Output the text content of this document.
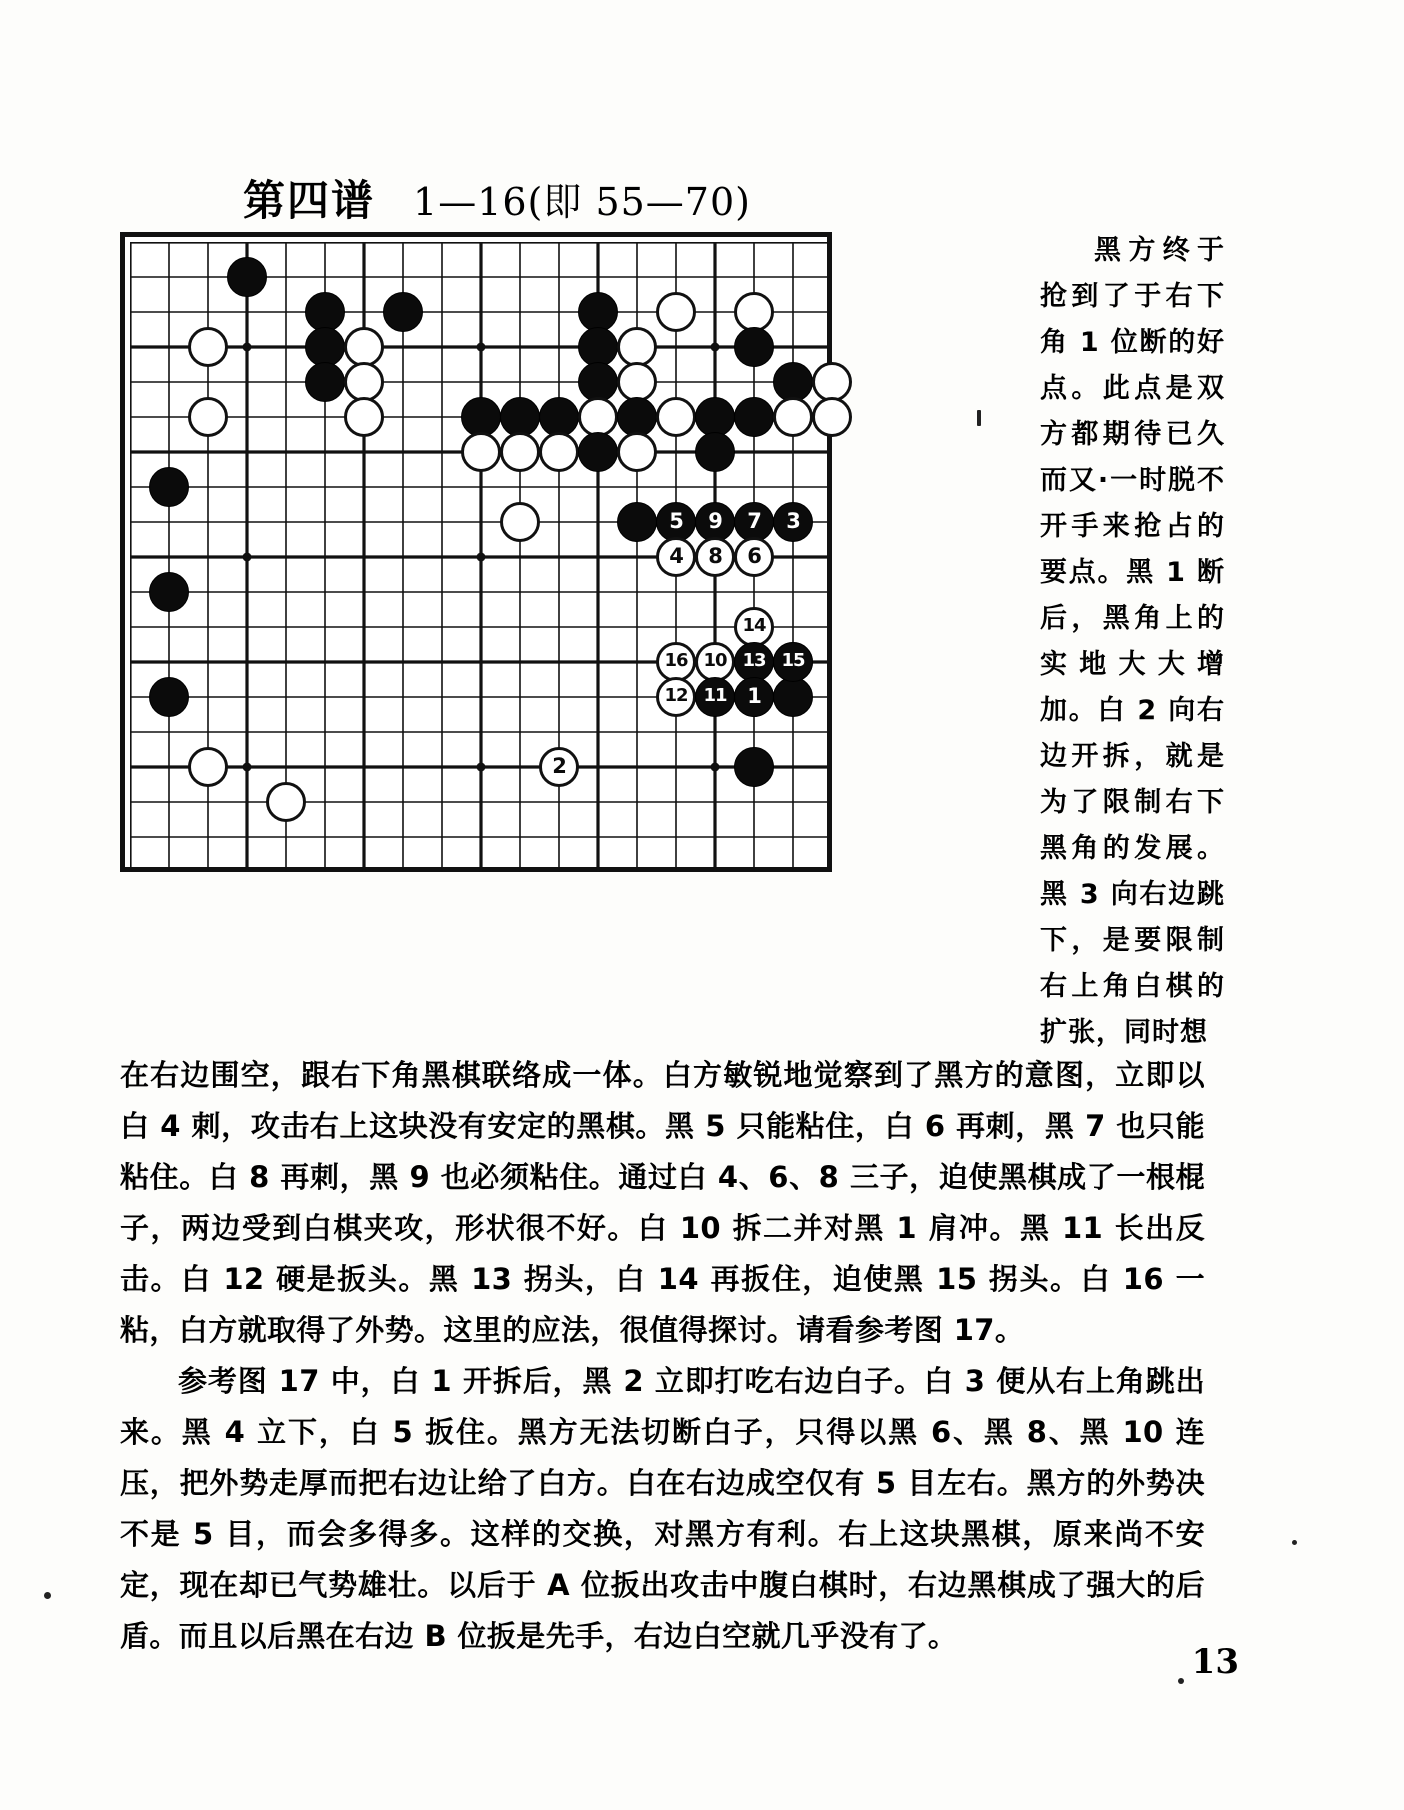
第四谱 1—16(即 55—70)
3
5 9 7
4 8 6
14
16 10 13 15
12 11 1
2
黑方终于抢到了于右下角 1 位断的好点。此点是双方都期待已久而又·一时脱不开手来抢占的要点。黑 1 断后，黑角上的实地大大增加。白 2 向右边开拆，就是为了限制右下黑角的发展。黑 3 向右边跳下，是要限制右上角白棋的扩张，同时想

在右边围空，跟右下角黑棋联络成一体。白方敏锐地觉察到了黑方的意图，立即以白 4 刺，攻击右上这块没有安定的黑棋。黑 5 只能粘住，白 6 再刺，黑 7 也只能粘住。白 8 再刺，黑 9 也必须粘住。通过白 4、6、8 三子，迫使黑棋成了一根棍子，两边受到白棋夹攻，形状很不好。白 10 拆二并对黑 1 肩冲。黑 11 长出反击。白 12 硬是扳头。黑 13 拐头，白 14 再扳住，迫使黑 15 拐头。白 16 一粘，白方就取得了外势。这里的应法，很值得探讨。请看参考图 17。

参考图 17 中，白 1 开拆后，黑 2 立即打吃右边白子。白 3 便从右上角跳出来。黑 4 立下，白 5 扳住。黑方无法切断白子，只得以黑 6、黑 8、黑 10 连压，把外势走厚而把右边让给了白方。白在右边成空仅有 5 目左右。黑方的外势决不是 5 目，而会多得多。这样的交换，对黑方有利。右上这块黑棋，原来尚不安定，现在却已气势雄壮。以后于 A 位扳出攻击中腹白棋时，右边黑棋成了强大的后盾。而且以后黑在右边 B 位扳是先手，右边白空就几乎没有了。

13
